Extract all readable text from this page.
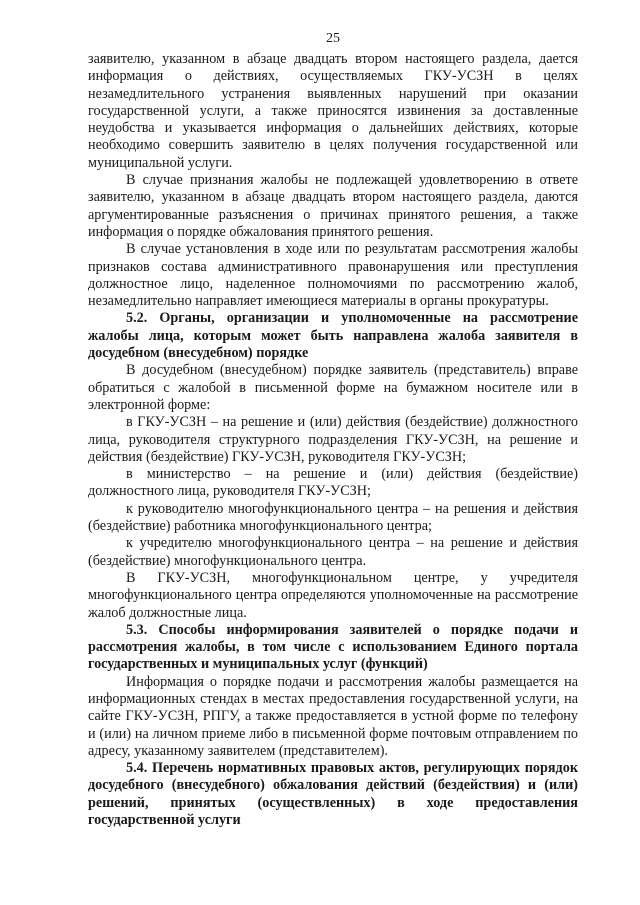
25

заявителю, указанном в абзаце двадцать втором настоящего раздела, дается информация о действиях, осуществляемых ГКУ-УСЗН в целях незамедлительного устранения выявленных нарушений при оказании государственной услуги, а также приносятся извинения за доставленные неудобства и указывается информация о дальнейших действиях, которые необходимо совершить заявителю в целях получения государственной или муниципальной услуги.

В случае признания жалобы не подлежащей удовлетворению в ответе заявителю, указанном в абзаце двадцать втором настоящего раздела, даются аргументированные разъяснения о причинах принятого решения, а также информация о порядке обжалования принятого решения.

В случае установления в ходе или по результатам рассмотрения жалобы признаков состава административного правонарушения или преступления должностное лицо, наделенное полномочиями по рассмотрению жалоб, незамедлительно направляет имеющиеся материалы в органы прокуратуры.

5.2. Органы, организации и уполномоченные на рассмотрение жалобы лица, которым может быть направлена жалоба заявителя в досудебном (внесудебном) порядке

В досудебном (внесудебном) порядке заявитель (представитель) вправе обратиться с жалобой в письменной форме на бумажном носителе или в электронной форме:

в ГКУ-УСЗН – на решение и (или) действия (бездействие) должностного лица, руководителя структурного подразделения ГКУ-УСЗН, на решение и действия (бездействие) ГКУ-УСЗН, руководителя ГКУ-УСЗН;

в министерство – на решение и (или) действия (бездействие) должностного лица, руководителя ГКУ-УСЗН;

к руководителю многофункционального центра – на решения и действия (бездействие) работника многофункционального центра;

к учредителю многофункционального центра – на решение и действия (бездействие) многофункционального центра.

В ГКУ-УСЗН, многофункциональном центре, у учредителя многофункционального центра определяются уполномоченные на рассмотрение жалоб должностные лица.

5.3. Способы информирования заявителей о порядке подачи и рассмотрения жалобы, в том числе с использованием Единого портала государственных и муниципальных услуг (функций)

Информация о порядке подачи и рассмотрения жалобы размещается на информационных стендах в местах предоставления государственной услуги, на сайте ГКУ-УСЗН, РПГУ, а также предоставляется в устной форме по телефону и (или) на личном приеме либо в письменной форме почтовым отправлением по адресу, указанному заявителем (представителем).

5.4. Перечень нормативных правовых актов, регулирующих порядок досудебного (внесудебного) обжалования действий (бездействия) и (или) решений, принятых (осуществленных) в ходе предоставления государственной услуги
